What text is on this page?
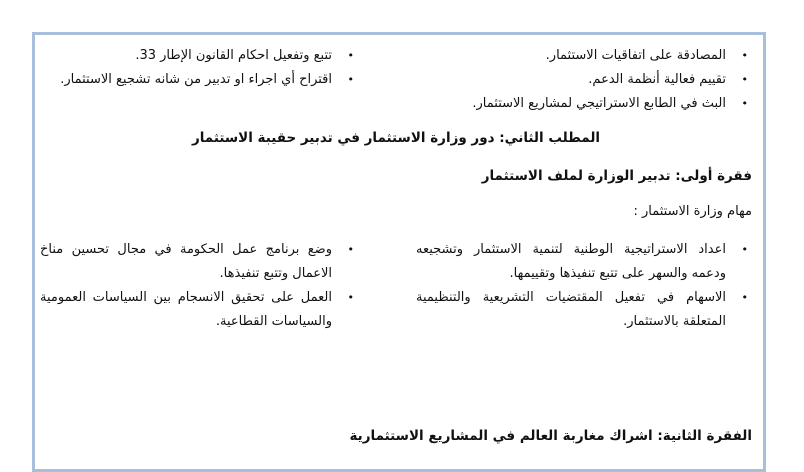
•
المصادقة على اتفاقيات الاستثمار.
•
تقييم فعالية أنظمة الدعم.
•
البث في الطابع الاستراتيجي لمشاريع الاستثمار.
•
تتبع وتفعيل احكام القانون الإطار 33.
•
اقتراح أي اجراء او تدبير من شانه تشجيع الاستثمار.
المطلب الثاني: دور وزارة الاستثمار في تدبير حقيبة الاستثمار
فقرة أولى: تدبير الوزارة لملف الاستثمار
مهام وزارة الاستثمار :
•
اعداد الاستراتيجية الوطنية لتنمية الاستثمار وتشجيعه ودعمه والسهر على تتبع تنفيذها وتقييمها.
•
الاسهام في تفعيل المقتضيات التشريعية والتنظيمية المتعلقة بالاستثمار.
•
وضع برنامج عمل الحكومة في مجال تحسين مناخ الاعمال وتتبع تنفيذها.
•
العمل على تحقيق الانسجام بين السياسات العمومية والسياسات القطاعية.
الفقرة الثانية: اشراك مغاربة العالم في المشاريع الاستثمارية
